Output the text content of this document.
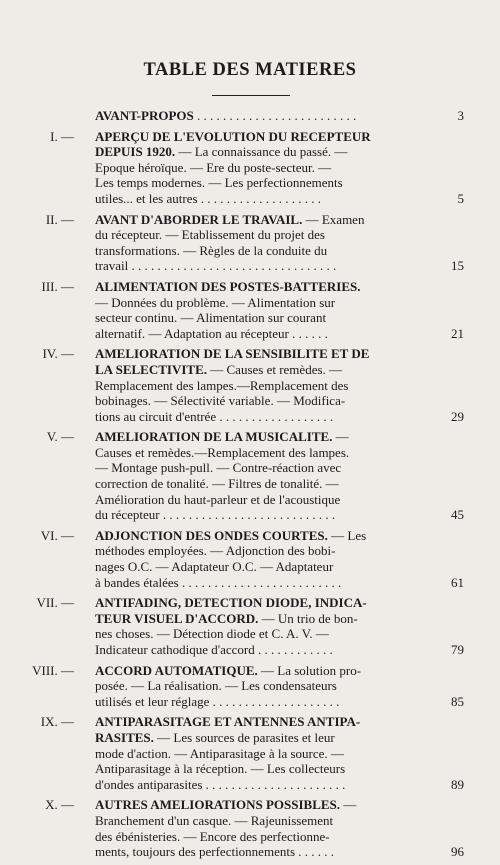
TABLE DES MATIERES
AVANT-PROPOS . . . . . . . . . . . . . . . . . . . . . . . . .	3
I. — APERÇU DE L'EVOLUTION DU RECEPTEUR
DEPUIS 1920. — La connaissance du passé. —
Epoque héroïque. — Ere du poste-secteur. —
Les temps modernes. — Les perfectionnements
utiles... et les autres . . . . . . . . . . . . . . . . . . .	5
II. — AVANT D'ABORDER LE TRAVAIL. — Examen
du récepteur. — Etablissement du projet des
transformations. — Règles de la conduite du
travail . . . . . . . . . . . . . . . . . . . . . . . . . . . . . . . .	15
III. — ALIMENTATION DES POSTES-BATTERIES.
— Données du problème. — Alimentation sur
secteur continu. — Alimentation sur courant
alternatif. — Adaptation au récepteur . . . . . .	21
IV. — AMELIORATION DE LA SENSIBILITE ET DE
LA SELECTIVITE. — Causes et remèdes. —
Remplacement des lampes.—Remplacement des
bobinages. — Sélectivité variable. — Modifica-
tions au circuit d'entrée . . . . . . . . . . . . . . . . . .	29
V. — AMELIORATION DE LA MUSICALITE. —
Causes et remèdes.—Remplacement des lampes.
— Montage push-pull. — Contre-réaction avec
correction de tonalité. — Filtres de tonalité. —
Amélioration du haut-parleur et de l'acoustique
du récepteur . . . . . . . . . . . . . . . . . . . . . . . . . . .	45
VI. — ADJONCTION DES ONDES COURTES. — Les
méthodes employées. — Adjonction des bobi-
nages O.C. — Adaptateur O.C. — Adaptateur
à bandes étalées . . . . . . . . . . . . . . . . . . . . . . . . .	61
VII. — ANTIFADING, DETECTION DIODE, INDICA-
TEUR VISUEL D'ACCORD. — Un trio de bon-
nes choses. — Détection diode et C. A. V. —
Indicateur cathodique d'accord . . . . . . . . . . . .	79
VIII. — ACCORD AUTOMATIQUE. — La solution pro-
posée. — La réalisation. — Les condensateurs
utilisés et leur réglage . . . . . . . . . . . . . . . . . . . .	85
IX. — ANTIPARASITAGE ET ANTENNES ANTIPA-
RASITES. — Les sources de parasites et leur
mode d'action. — Antiparasitage à la source. —
Antiparasitage à la réception. — Les collecteurs
d'ondes antiparasites . . . . . . . . . . . . . . . . . . . . . .	89
X. — AUTRES AMELIORATIONS POSSIBLES. —
Branchement d'un casque. — Rajeunissement
des ébénisteries. — Encore des perfectionne-
ments, toujours des perfectionnements . . . . . .	96
